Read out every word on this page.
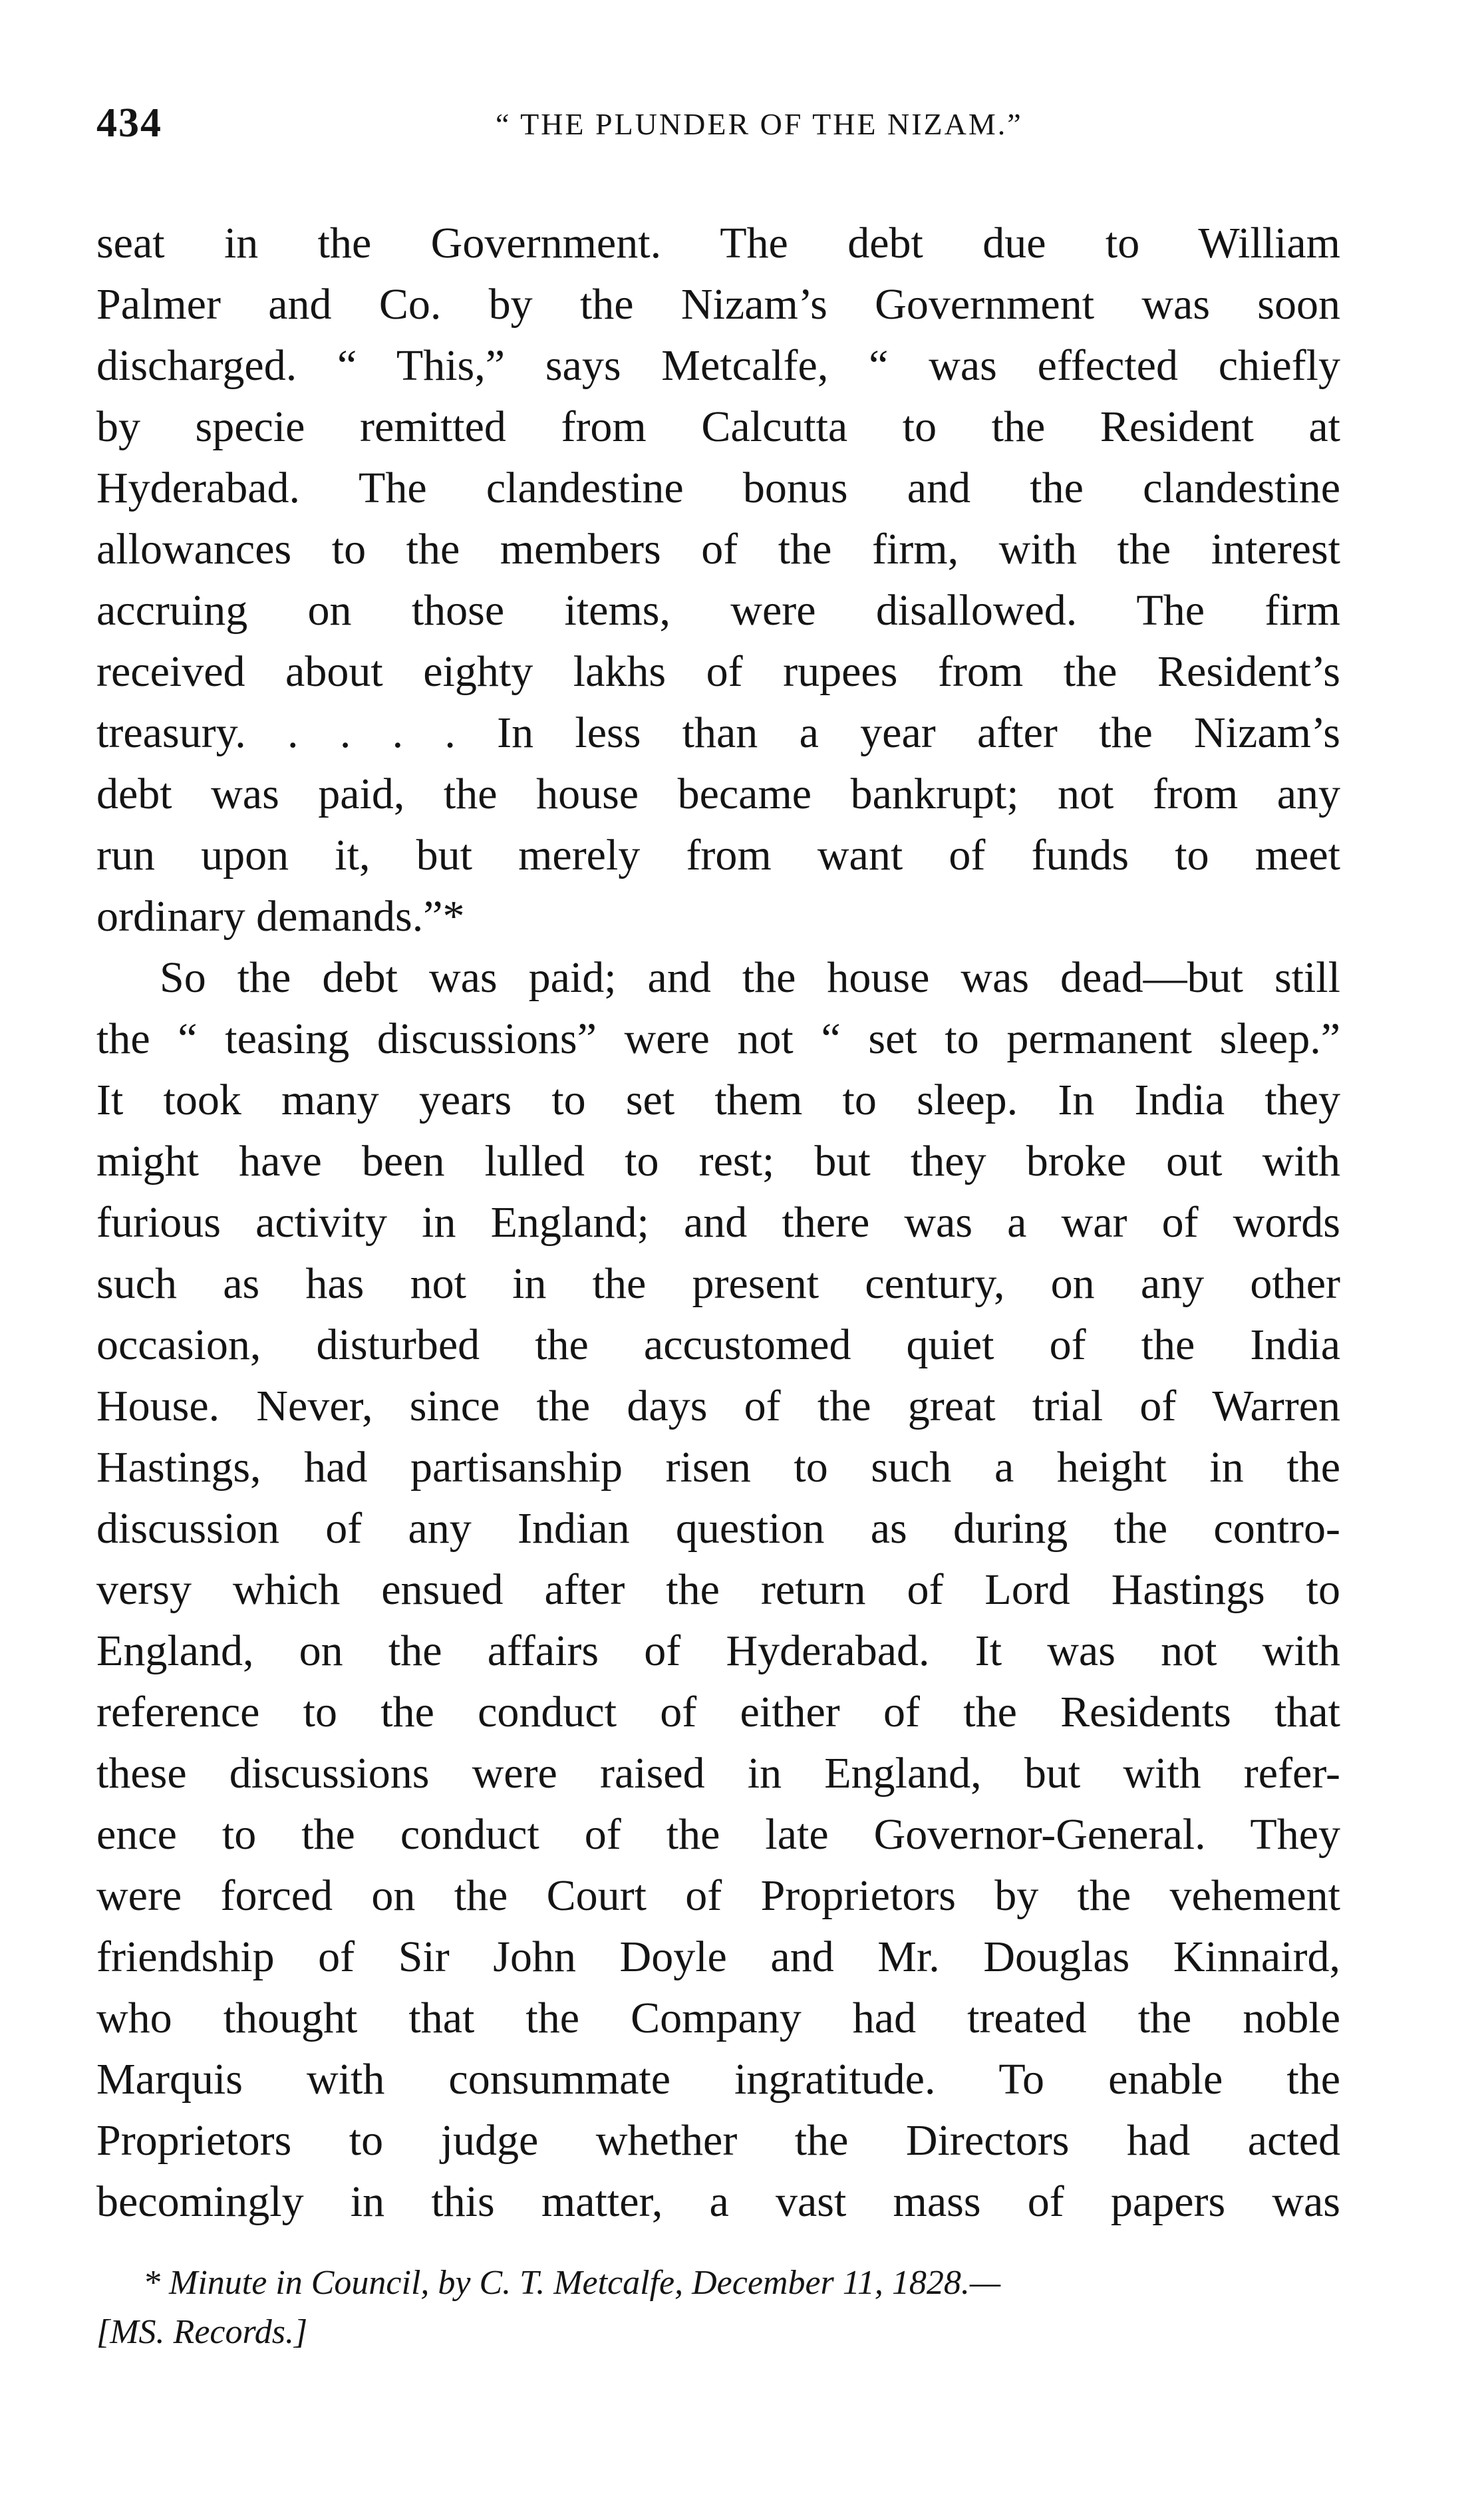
434	“ THE PLUNDER OF THE NIZAM.”
seat in the Government. The debt due to William
Palmer and Co. by the Nizam’s Government was soon
discharged. “ This,” says Metcalfe, “ was effected chiefly
by specie remitted from Calcutta to the Resident at
Hyderabad. The clandestine bonus and the clandestine
allowances to the members of the firm, with the interest
accruing on those items, were disallowed. The firm
received about eighty lakhs of rupees from the Resident’s
treasury. . . . . In less than a year after the Nizam’s
debt was paid, the house became bankrupt; not from any
run upon it, but merely from want of funds to meet
ordinary demands.”*
So the debt was paid; and the house was dead—but still
the “ teasing discussions” were not “ set to permanent sleep.”
It took many years to set them to sleep. In India they
might have been lulled to rest; but they broke out with
furious activity in England; and there was a war of words
such as has not in the present century, on any other
occasion, disturbed the accustomed quiet of the India
House. Never, since the days of the great trial of Warren
Hastings, had partisanship risen to such a height in the
discussion of any Indian question as during the contro-
versy which ensued after the return of Lord Hastings to
England, on the affairs of Hyderabad. It was not with
reference to the conduct of either of the Residents that
these discussions were raised in England, but with refer-
ence to the conduct of the late Governor-General. They
were forced on the Court of Proprietors by the vehement
friendship of Sir John Doyle and Mr. Douglas Kinnaird,
who thought that the Company had treated the noble
Marquis with consummate ingratitude. To enable the
Proprietors to judge whether the Directors had acted
becomingly in this matter, a vast mass of papers was
* Minute in Council, by C. T. Metcalfe, December 11, 1828.—
[MS. Records.]
